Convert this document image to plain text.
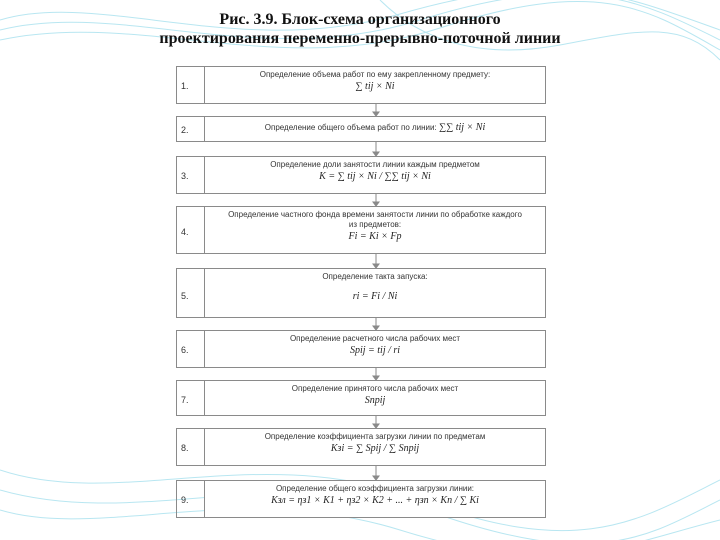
Рис. 3.9. Блок-схема организационного
проектирования переменно-прерывно-поточной линии
1.
Определение объема работ по ему закрепленному предмету:
∑ tij × Ni
2.	Определение общего объема работ по линии: ∑∑ tij × Ni
3.
Определение доли занятости линии каждым предметом
K = ∑ tij × Ni / ∑∑ tij × Ni
4.
Определение частного фонда времени занятости линии по обработке каждого из предметов:
Fi = Ki × Fp
5.
Определение такта запуска:
ri = Fi / Ni
6.
Определение расчетного числа рабочих мест
Spij = tij / ri
7.
Определение принятого числа рабочих мест
Sпрij
8.
Определение коэффициента загрузки линии по предметам
Kзi = ∑ Spij / ∑ Sпрij
9.
Определение общего коэффициента загрузки линии:
Kзл = ηз1 × K1 + ηз2 × K2 + ... + ηзn × Kn / ∑ Ki
